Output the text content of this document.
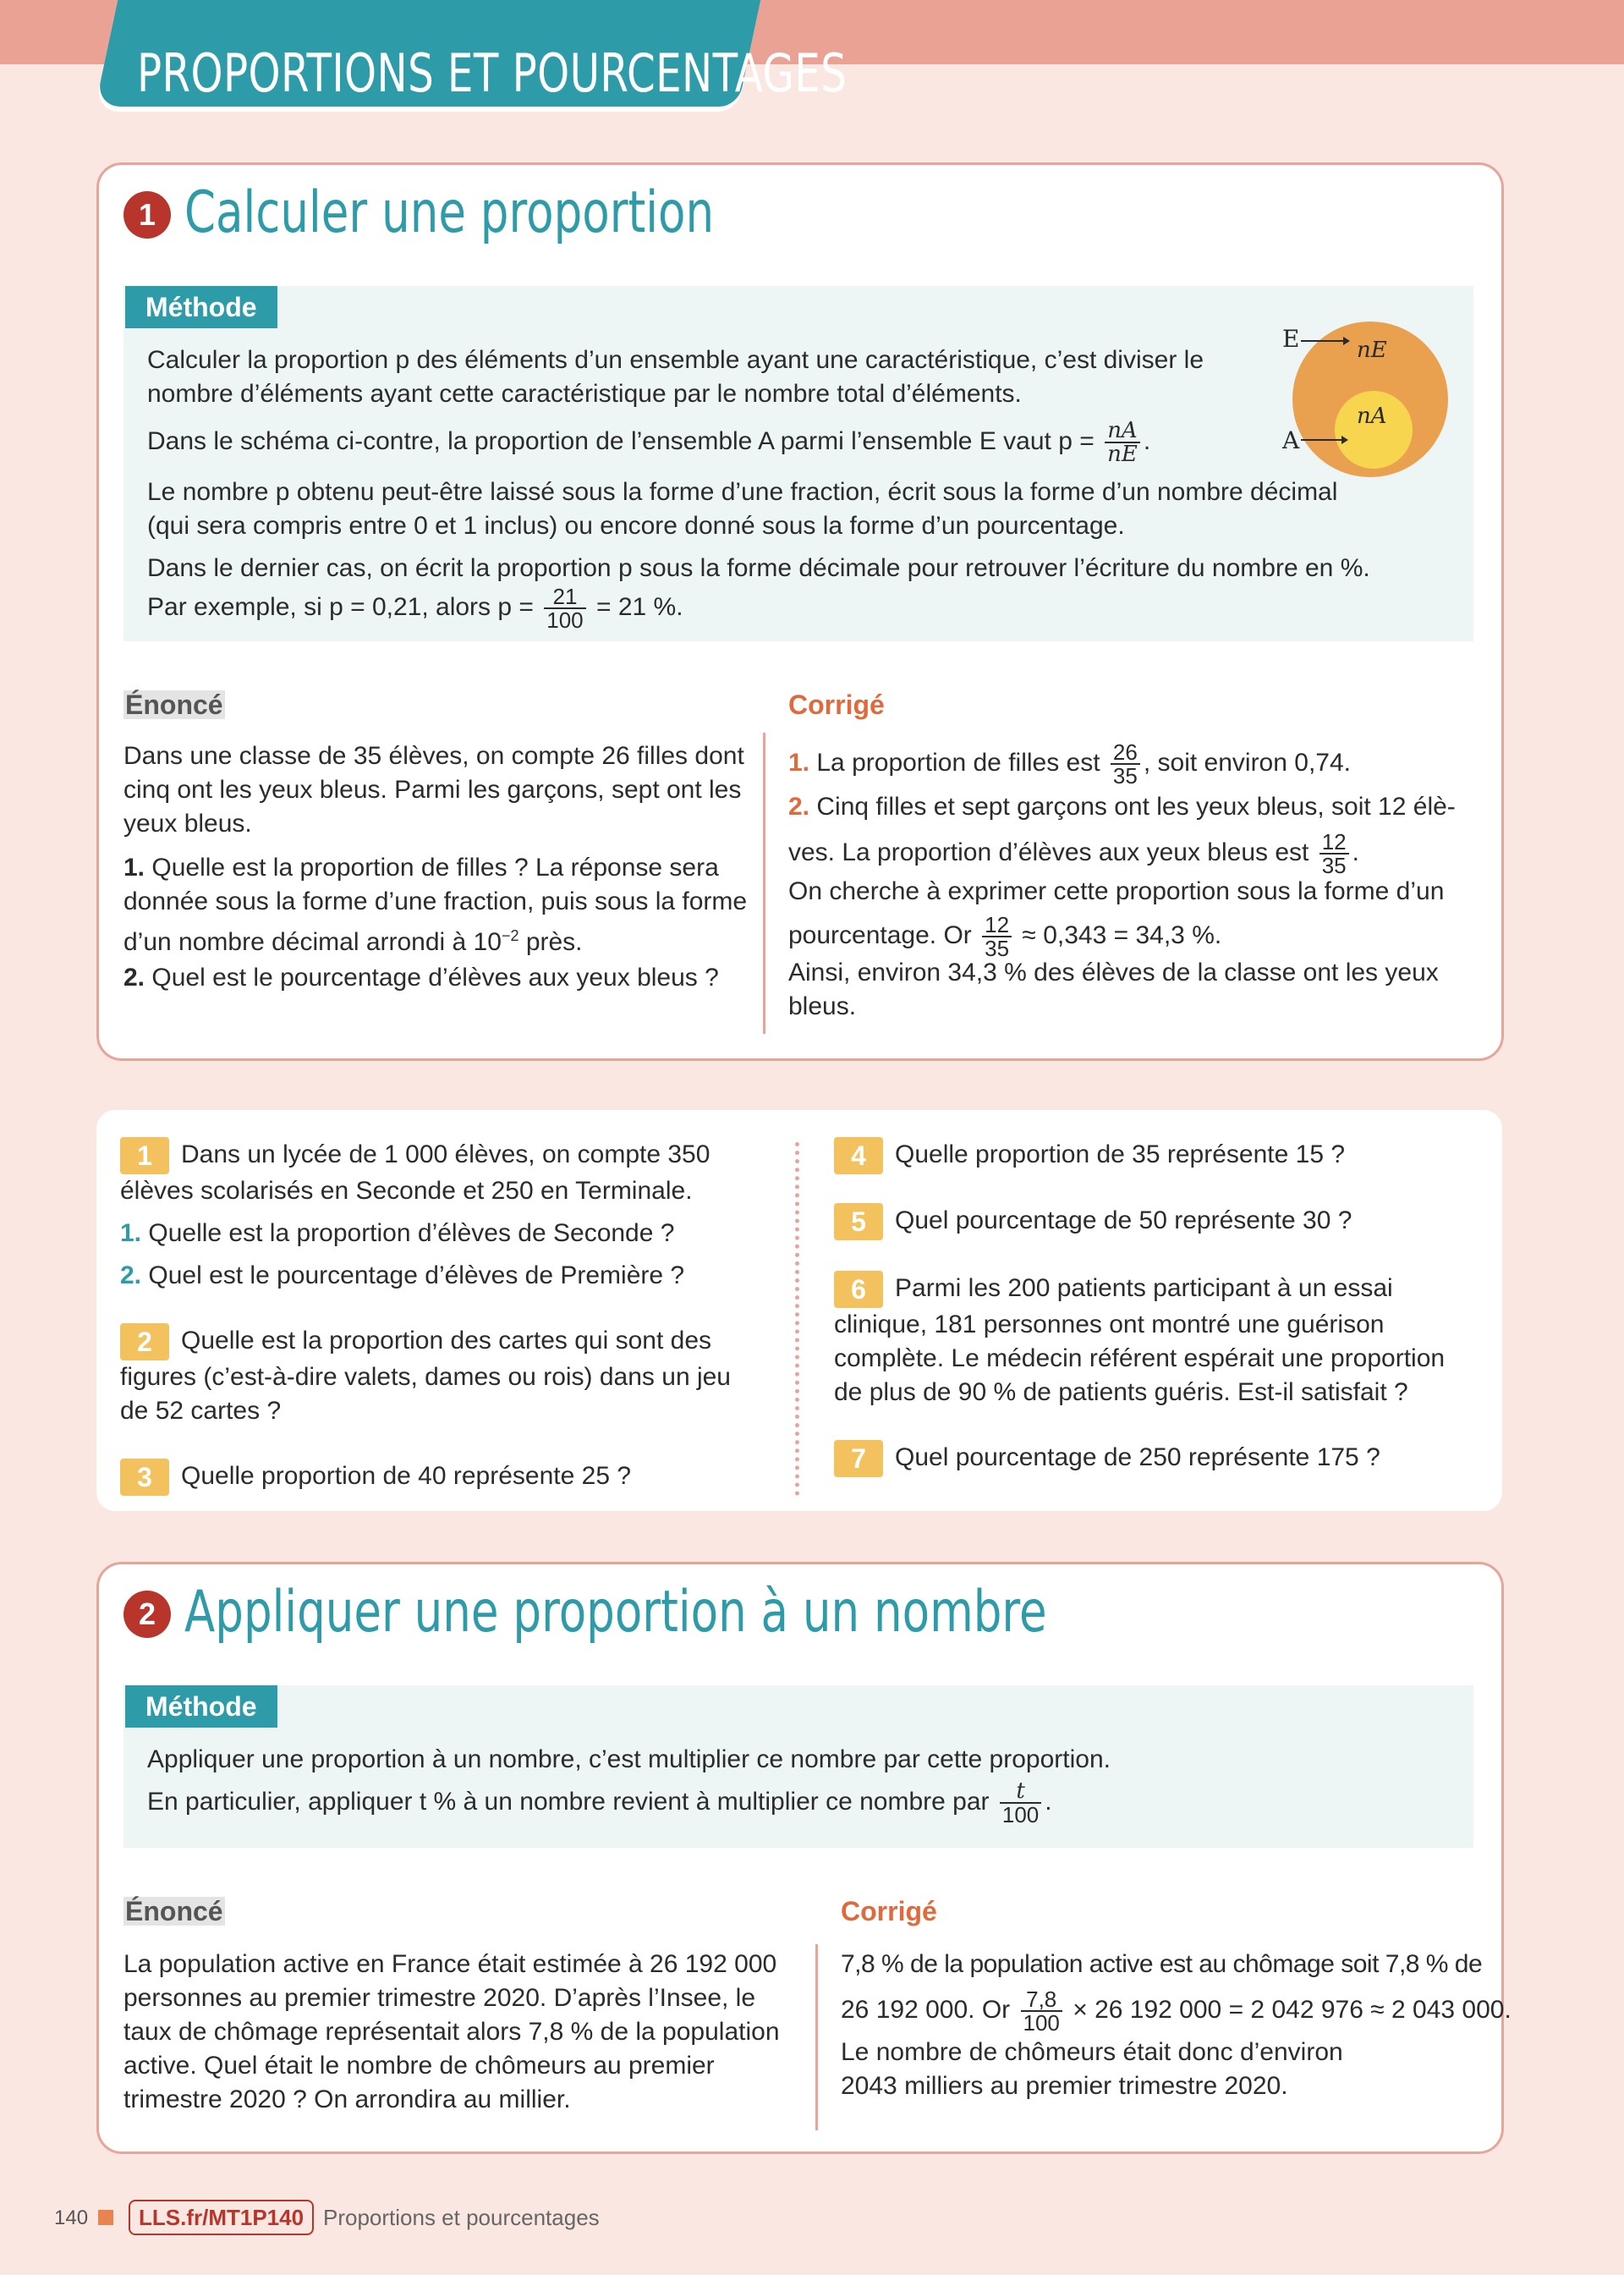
PROPORTIONS ET POURCENTAGES
1 Calculer une proportion
Méthode
Calculer la proportion p des éléments d’un ensemble ayant une caractéristique, c’est diviser le nombre d’éléments ayant cette caractéristique par le nombre total d’éléments.
Dans le schéma ci-contre, la proportion de l’ensemble A parmi l’ensemble E vaut $p = \frac{nA}{nE}$ .
Le nombre p obtenu peut-être laissé sous la forme d’une fraction, écrit sous la forme d’un nombre décimal (qui sera compris entre 0 et 1 inclus) ou encore donné sous la forme d’un pourcentage.
Dans le dernier cas, on écrit la proportion p sous la forme décimale pour retrouver l’écriture du nombre en %.
Par exemple, si p = 0,21, alors $p = \frac{21}{100} = 21$ %.
E
A
nE
nA
Énoncé
Dans une classe de 35 élèves, on compte 26 filles dont cinq ont les yeux bleus. Parmi les garçons, sept ont les yeux bleus.
1. Quelle est la proportion de filles ? La réponse sera donnée sous la forme d’une fraction, puis sous la forme d’un nombre décimal arrondi à $10^{-2}$ près.
2. Quel est le pourcentage d’élèves aux yeux bleus ?
Corrigé
1. La proportion de filles est $\frac{26}{35}$ , soit environ 0,74.
2. Cinq filles et sept garçons ont les yeux bleus, soit 12 élè-
ves. La proportion d’élèves aux yeux bleus est $\frac{12}{35}$ .
On cherche à exprimer cette proportion sous la forme d’un
pourcentage. Or $\frac{12}{35} \approx 0,343 = 34,3$ %.
Ainsi, environ 34,3 % des élèves de la classe ont les yeux bleus.
1 Dans un lycée de 1 000 élèves, on compte 350 élèves scolarisés en Seconde et 250 en Terminale.
1. Quelle est la proportion d’élèves de Seconde ?
2. Quel est le pourcentage d’élèves de Première ?
2 Quelle est la proportion des cartes qui sont des figures (c’est-à-dire valets, dames ou rois) dans un jeu de 52 cartes ?
3 Quelle proportion de 40 représente 25 ?
4 Quelle proportion de 35 représente 15 ?
5 Quel pourcentage de 50 représente 30 ?
6 Parmi les 200 patients participant à un essai clinique, 181 personnes ont montré une guérison complète. Le médecin référent espérait une proportion de plus de 90 % de patients guéris. Est-il satisfait ?
7 Quel pourcentage de 250 représente 175 ?
2 Appliquer une proportion à un nombre
Méthode
Appliquer une proportion à un nombre, c’est multiplier ce nombre par cette proportion.
En particulier, appliquer t % à un nombre revient à multiplier ce nombre par $\frac{t}{100}$ .
Énoncé
La population active en France était estimée à 26 192 000 personnes au premier trimestre 2020. D’après l’Insee, le taux de chômage représentait alors 7,8 % de la population active. Quel était le nombre de chômeurs au premier trimestre 2020 ? On arrondira au millier.
Corrigé
7,8 % de la population active est au chômage soit 7,8 % de
26 192 000. Or $\frac{7,8}{100} \times 26$ 192 000 = 2 042 976 ≈ 2 043 000.
Le nombre de chômeurs était donc d’environ 2043 milliers au premier trimestre 2020.
140	LLS.fr/MT1P140 Proportions et pourcentages
